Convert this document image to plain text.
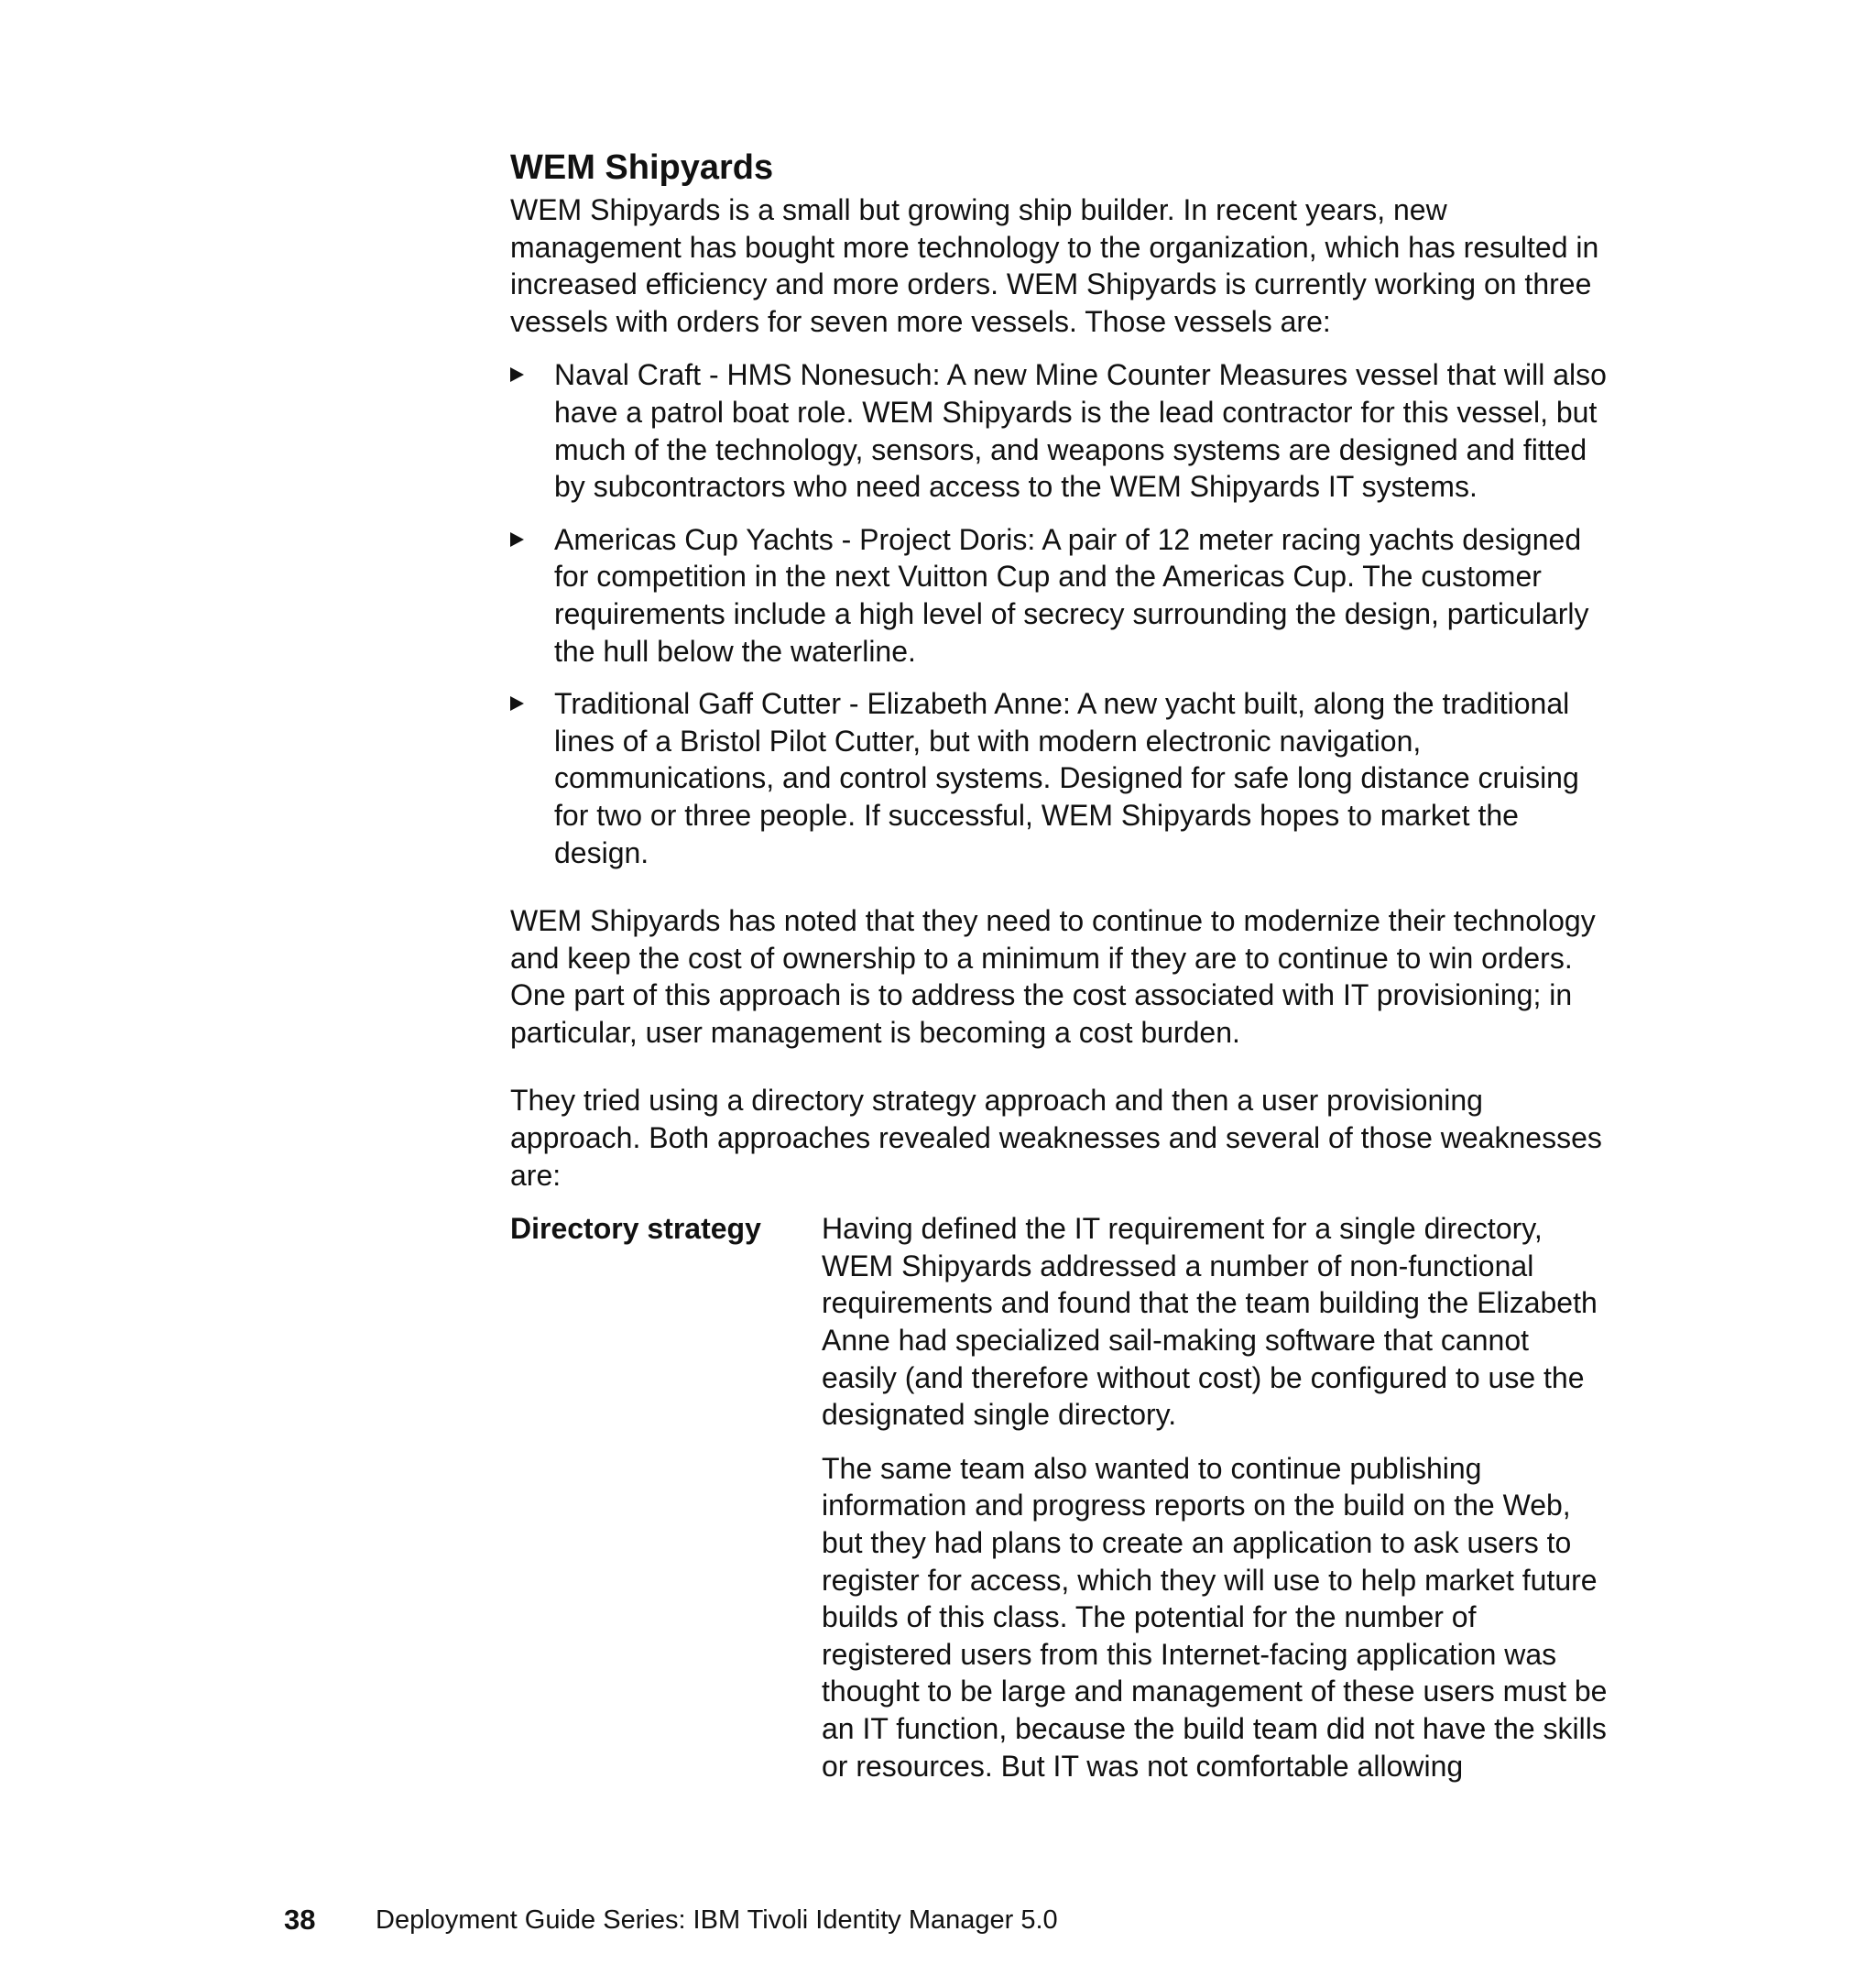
WEM Shipyards

WEM Shipyards is a small but growing ship builder. In recent years, new management has bought more technology to the organization, which has resulted in increased efficiency and more orders. WEM Shipyards is currently working on three vessels with orders for seven more vessels. Those vessels are:

Naval Craft - HMS Nonesuch: A new Mine Counter Measures vessel that will also have a patrol boat role. WEM Shipyards is the lead contractor for this vessel, but much of the technology, sensors, and weapons systems are designed and fitted by subcontractors who need access to the WEM Shipyards IT systems.
Americas Cup Yachts - Project Doris: A pair of 12 meter racing yachts designed for competition in the next Vuitton Cup and the Americas Cup. The customer requirements include a high level of secrecy surrounding the design, particularly the hull below the waterline.
Traditional Gaff Cutter - Elizabeth Anne: A new yacht built, along the traditional lines of a Bristol Pilot Cutter, but with modern electronic navigation, communications, and control systems. Designed for safe long distance cruising for two or three people. If successful, WEM Shipyards hopes to market the design.

WEM Shipyards has noted that they need to continue to modernize their technology and keep the cost of ownership to a minimum if they are to continue to win orders. One part of this approach is to address the cost associated with IT provisioning; in particular, user management is becoming a cost burden.

They tried using a directory strategy approach and then a user provisioning approach. Both approaches revealed weaknesses and several of those weaknesses are:

Directory strategy	Having defined the IT requirement for a single directory, WEM Shipyards addressed a number of non-functional requirements and found that the team building the Elizabeth Anne had specialized sail-making software that cannot easily (and therefore without cost) be configured to use the designated single directory.

The same team also wanted to continue publishing information and progress reports on the build on the Web, but they had plans to create an application to ask users to register for access, which they will use to help market future builds of this class. The potential for the number of registered users from this Internet-facing application was thought to be large and management of these users must be an IT function, because the build team did not have the skills or resources. But IT was not comfortable allowing

38	Deployment Guide Series: IBM Tivoli Identity Manager 5.0
